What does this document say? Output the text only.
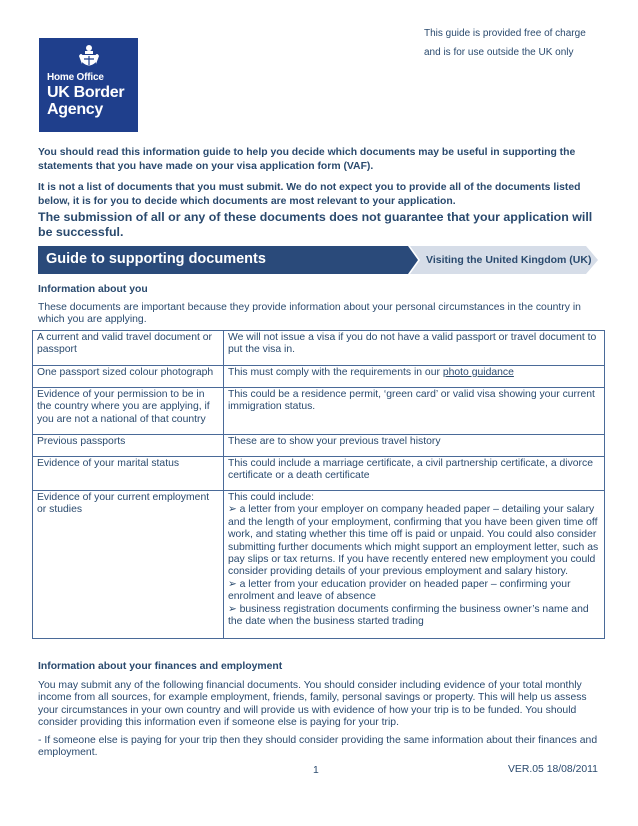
This guide is provided free of charge
and is for use outside the UK only
Home Office
UK Border
Agency
You should read this information guide to help you decide which documents may be useful in supporting the statements that you have made on your visa application form (VAF).
It is not a list of documents that you must submit. We do not expect you to provide all of the documents listed below, it is for you to decide which documents are most relevant to your application.
The submission of all or any of these documents does not guarantee that your application will be successful.
Guide to supporting documents	Visiting the United Kingdom (UK)
Information about you
These documents are important because they provide information about your personal circumstances in the country in which you are applying.
A current and valid travel document or passport	We will not issue a visa if you do not have a valid passport or travel document to put the visa in.
One passport sized colour photograph	This must comply with the requirements in our photo guidance
Evidence of your permission to be in the country where you are applying, if you are not a national of that country	This could be a residence permit, ‘green card’ or valid visa showing your current immigration status.
Previous passports	These are to show your previous travel history
Evidence of your marital status	This could include a marriage certificate, a civil partnership certificate, a divorce certificate or a death certificate
Evidence of your current employment or studies	This could include:
➢ a letter from your employer on company headed paper – detailing your salary and the length of your employment, confirming that you have been given time off work, and stating whether this time off is paid or unpaid. You could also consider submitting further documents which might support an employment letter, such as pay slips or tax returns. If you have recently entered new employment you could consider providing details of your previous employment and salary history.
➢ a letter from your education provider on headed paper – confirming your enrolment and leave of absence
➢ business registration documents confirming the business owner’s name and the date when the business started trading
Information about your finances and employment
You may submit any of the following financial documents. You should consider including evidence of your total monthly income from all sources, for example employment, friends, family, personal savings or property. This will help us assess your circumstances in your own country and will provide us with evidence of how your trip is to be funded. You should consider providing this information even if someone else is paying for your trip.
- If someone else is paying for your trip then they should consider providing the same information about their finances and employment.
1	VER.05 18/08/2011
